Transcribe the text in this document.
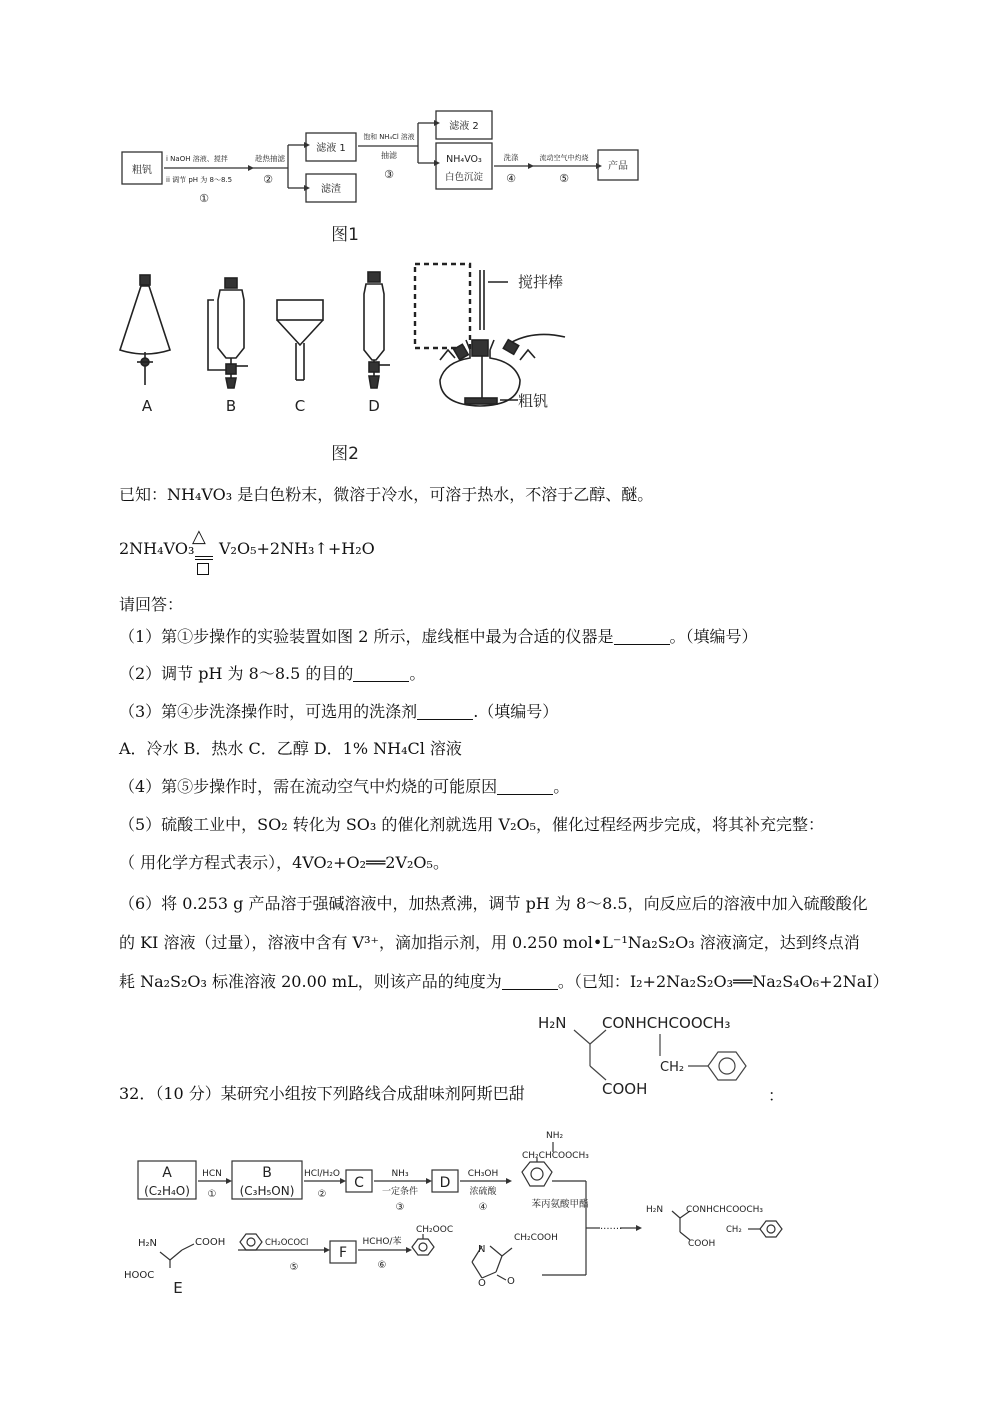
粗钒
滤液 1
滤渣
滤液 2
NH₄VO₃
白色沉淀
产品
i NaOH 溶液、搅拌
ii 调节 pH 为 8～8.5
①
趁热抽滤
②
饱和 NH₄Cl 溶液
抽滤
③
洗涤
④
流动空气中灼烧
⑤
图1
搅拌棒
粗钒
A	B	C	D
图2
已知：NH₄VO₃ 是白色粉末，微溶于冷水，可溶于热水，不溶于乙醇、醚。
2NH₄VO₃
△
V₂O₅+2NH₃↑+H₂O
请回答：
（1）第①步操作的实验装置如图 2 所示，虚线框中最为合适的仪器是	。（填编号）
（2）调节 pH 为 8～8.5 的目的	。
（3）第④步洗涤操作时，可选用的洗涤剂	.（填编号）
A．冷水 B．热水 C．乙醇 D．1% NH₄Cl 溶液
（4）第⑤步操作时，需在流动空气中灼烧的可能原因	。
（5）硫酸工业中，SO₂ 转化为 SO₃ 的催化剂就选用 V₂O₅，催化过程经两步完成，将其补充完整：
（ 用化学方程式表示），4VO₂+O₂══2V₂O₅。
（6）将 0.253 g 产品溶于强碱溶液中，加热煮沸，调节 pH 为 8～8.5，向反应后的溶液中加入硫酸酸化
的 KI 溶液（过量），溶液中含有 V³⁺，滴加指示剂，用 0.250 mol•L⁻¹Na₂S₂O₃ 溶液滴定，达到终点消
耗 Na₂S₂O₃ 标准溶液 20.00 mL，则该产品的纯度为	。（已知：I₂+2Na₂S₂O₃══Na₂S₄O₆+2NaI）
32．（10 分）某研究小组按下列路线合成甜味剂阿斯巴甜	：
H₂N CONHCHCOOCH₃
CH₂
COOH
A
(C₂H₄O)
B
(C₃H₅ON)	C	D
F
HCN
①
HCl/H₂O
②
NH₃
一定条件
③
CH₃OH
浓硫酸
④
NH₂
CH₂CHCOOCH₃
苯丙氨酸甲酯
H₂N	COOH
HOOC
E
CH₂OCOCl
⑤
HCHO/苯
⑥
CH₂OOC
N
CH₂COOH
O O
·······
H₂N	CONHCHCOOCH₃
CH₂
COOH
